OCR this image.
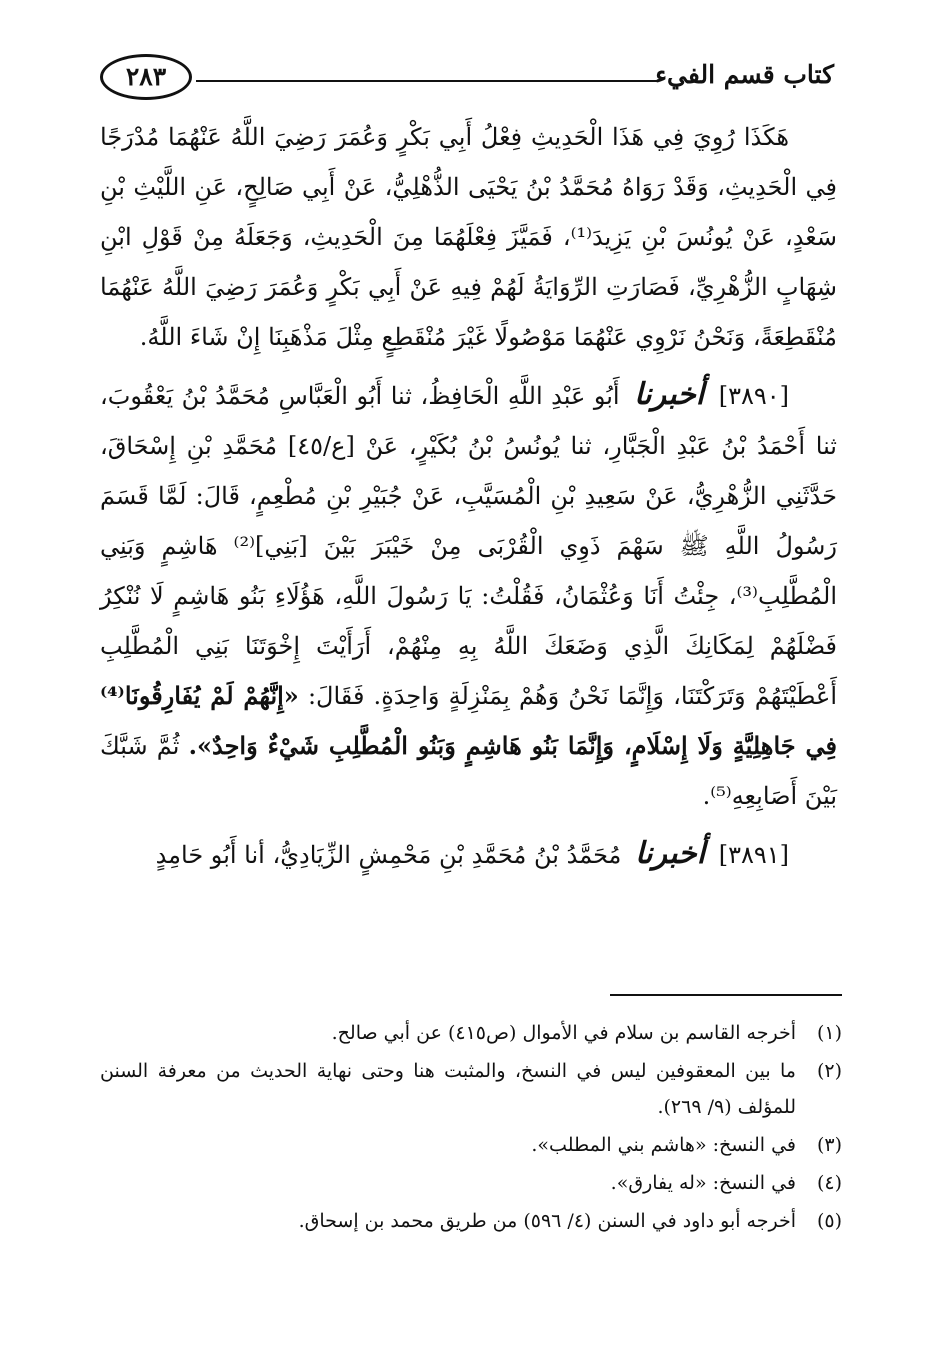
كتاب قسم الفيء
٢٨٣

هَكَذَا رُوِيَ فِي هَذَا الْحَدِيثِ فِعْلُ أَبِي بَكْرٍ وَعُمَرَ رَضِيَ اللَّهُ عَنْهُمَا مُدْرَجًا فِي الْحَدِيثِ، وَقَدْ رَوَاهُ مُحَمَّدُ بْنُ يَحْيَى الذُّهْلِيُّ، عَنْ أَبِي صَالِحٍ، عَنِ اللَّيْثِ بْنِ سَعْدٍ، عَنْ يُونُسَ بْنِ يَزِيدَ⁽¹⁾، فَمَيَّزَ فِعْلَهُمَا مِنَ الْحَدِيثِ، وَجَعَلَهُ مِنْ قَوْلِ ابْنِ شِهَابٍ الزُّهْرِيِّ، فَصَارَتِ الرِّوَايَةُ لَهُمْ فِيهِ عَنْ أَبِي بَكْرٍ وَعُمَرَ رَضِيَ اللَّهُ عَنْهُمَا مُنْقَطِعَةً، وَنَحْنُ نَرْوِي عَنْهُمَا مَوْصُولًا غَيْرَ مُنْقَطِعٍ مِثْلَ مَذْهَبِنَا إِنْ شَاءَ اللَّهُ.

[٣٨٩٠] أخبرنا أَبُو عَبْدِ اللَّهِ الْحَافِظُ، ثنا أَبُو الْعَبَّاسِ مُحَمَّدُ بْنُ يَعْقُوبَ، ثنا أَحْمَدُ بْنُ عَبْدِ الْجَبَّارِ، ثنا يُونُسُ بْنُ بُكَيْرٍ، عَنْ [ع/٤٥] مُحَمَّدِ بْنِ إِسْحَاقَ، حَدَّثَنِي الزُّهْرِيُّ، عَنْ سَعِيدِ بْنِ الْمُسَيَّبِ، عَنْ جُبَيْرِ بْنِ مُطْعِمٍ، قَالَ: لَمَّا قَسَمَ رَسُولُ اللَّهِ ﷺ سَهْمَ ذَوِي الْقُرْبَى مِنْ خَيْبَرَ بَيْنَ [بَنِي]⁽²⁾ هَاشِمٍ وَبَنِي الْمُطَّلِبِ⁽³⁾، جِئْتُ أَنَا وَعُثْمَانُ، فَقُلْتُ: يَا رَسُولَ اللَّهِ، هَؤُلَاءِ بَنُو هَاشِمٍ لَا نُنْكِرُ فَضْلَهُمْ لِمَكَانِكَ الَّذِي وَضَعَكَ اللَّهُ بِهِ مِنْهُمْ، أَرَأَيْتَ إِخْوَتَنَا بَنِي الْمُطَّلِبِ أَعْطَيْتَهُمْ وَتَرَكْتَنَا، وَإِنَّمَا نَحْنُ وَهُمْ بِمَنْزِلَةٍ وَاحِدَةٍ. فَقَالَ: «إِنَّهُمْ لَمْ يُفَارِقُونَا⁽⁴⁾ فِي جَاهِلِيَّةٍ وَلَا إِسْلَامٍ، وَإِنَّمَا بَنُو هَاشِمٍ وَبَنُو الْمُطَّلِبِ شَيْءٌ وَاحِدٌ». ثُمَّ شَبَّكَ بَيْنَ أَصَابِعِهِ⁽⁵⁾.

[٣٨٩١] أخبرنا مُحَمَّدُ بْنُ مُحَمَّدِ بْنِ مَحْمِشٍ الزِّيَادِيُّ، أنا أَبُو حَامِدٍ

(١)
أخرجه القاسم بن سلام في الأموال (ص٤١٥) عن أبي صالح.
(٢)
ما بين المعقوفين ليس في النسخ، والمثبت هنا وحتى نهاية الحديث من معرفة السنن للمؤلف (٩/ ٢٦٩).
(٣)
في النسخ: «هاشم بني المطلب».
(٤)
في النسخ: «له يفارق».
(٥)
أخرجه أبو داود في السنن (٤/ ٥٩٦) من طريق محمد بن إسحاق.
